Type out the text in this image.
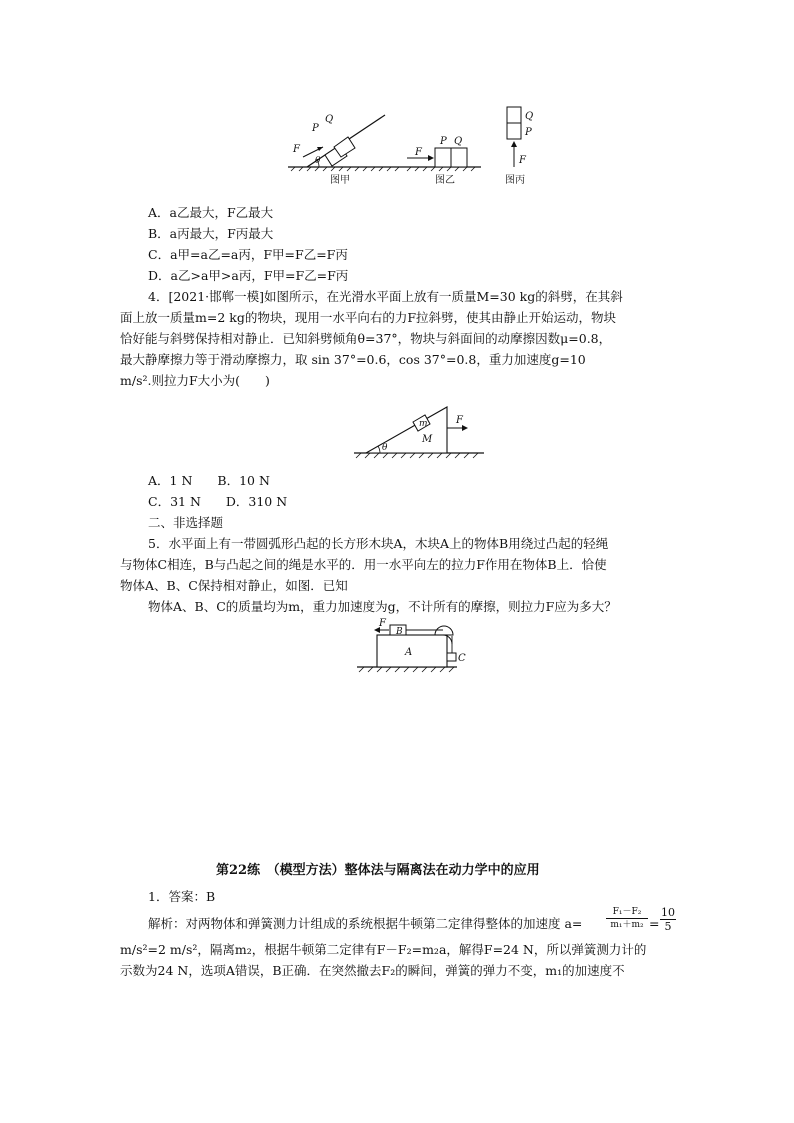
P
Q
F
θ
图甲
P Q
F
图乙
Q
P
F
图丙
A．a乙最大，F乙最大
B．a丙最大，F丙最大
C．a甲=a乙=a丙，F甲=F乙=F丙
D．a乙>a甲>a丙，F甲=F乙=F丙
4．[2021·邯郸一模]如图所示，在光滑水平面上放有一质量M=30 kg的斜劈，在其斜
面上放一质量m=2 kg的物块，现用一水平向右的力F拉斜劈，使其由静止开始运动，物块
恰好能与斜劈保持相对静止．已知斜劈倾角θ=37°，物块与斜面间的动摩擦因数μ=0.8，
最大静摩擦力等于滑动摩擦力，取 sin 37°=0.6，cos 37°=0.8，重力加速度g=10
m/s².则拉力F大小为(　　)
m
M
F
θ
A．1 N　　B．10 N
C．31 N　　D．310 N
二、非选择题
5．水平面上有一带圆弧形凸起的长方形木块A，木块A上的物体B用绕过凸起的轻绳
与物体C相连，B与凸起之间的绳是水平的．用一水平向左的拉力F作用在物体B上．恰使
物体A、B、C保持相对静止，如图．已知
物体A、B、C的质量均为m，重力加速度为g，不计所有的摩擦，则拉力F应为多大？
C
B
A
F
第22练　（模型方法）整体法与隔离法在动力学中的应用
1．答案：B
解析：对两物体和弹簧测力计组成的系统根据牛顿第二定律得整体的加速度 a=	$\frac{\text{F₁－F₂}}{\text{m₁＋m₂}} = \frac{10}{5}$
m/s²=2 m/s²，隔离m₂，根据牛顿第二定律有F－F₂=m₂a，解得F=24 N，所以弹簧测力计的
示数为24 N，选项A错误，B正确．在突然撤去F₂的瞬间，弹簧的弹力不变，m₁的加速度不
